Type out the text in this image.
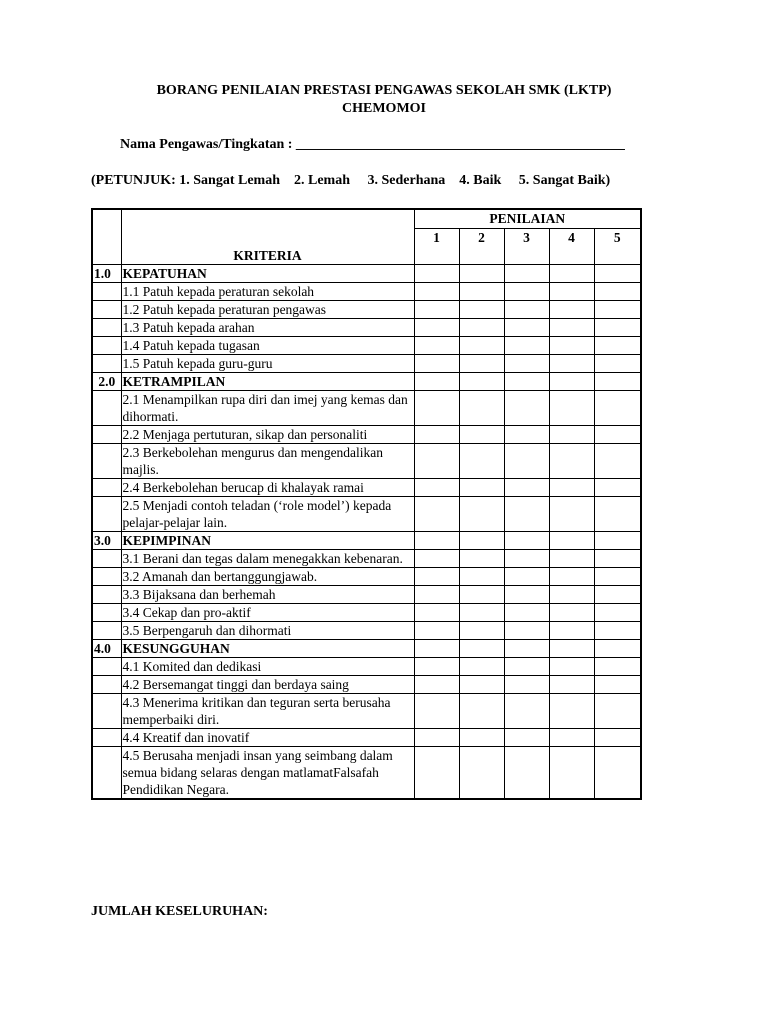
BORANG PENILAIAN PRESTASI PENGAWAS SEKOLAH SMK (LKTP)
CHEMOMOI
Nama Pengawas/Tingkatan : _______________________________________________
(PETUNJUK: 1. Sangat Lemah    2. Lemah     3. Sederhana    4. Baik     5. Sangat Baik)
	KRITERIA	PENILAIAN				
		1	2	3	4	5
1.0	KEPATUHAN					
	1.1 Patuh kepada peraturan sekolah					
	1.2 Patuh kepada peraturan pengawas					
	1.3 Patuh kepada arahan					
	1.4 Patuh kepada tugasan					
	1.5 Patuh kepada guru-guru					
2.0	KETRAMPILAN					
	2.1 Menampilkan rupa diri dan imej yang kemas dan dihormati.					
	2.2 Menjaga pertuturan, sikap dan personaliti					
	2.3 Berkebolehan mengurus dan mengendalikan majlis.					
	2.4 Berkebolehan berucap di khalayak ramai					
	2.5 Menjadi contoh teladan (‘role model’) kepada pelajar-pelajar lain.					
3.0	KEPIMPINAN					
	3.1 Berani dan tegas dalam menegakkan kebenaran.					
	3.2 Amanah dan bertanggungjawab.					
	3.3 Bijaksana dan berhemah					
	3.4 Cekap dan pro-aktif					
	3.5 Berpengaruh dan dihormati					
4.0	KESUNGGUHAN					
	4.1 Komited dan dedikasi					
	4.2 Bersemangat tinggi dan berdaya saing					
	4.3 Menerima kritikan dan teguran serta berusaha memperbaiki diri.					
	4.4 Kreatif dan inovatif					
	4.5 Berusaha menjadi insan yang seimbang dalam semua bidang selaras dengan matlamatFalsafah Pendidikan Negara.					
JUMLAH KESELURUHAN:
